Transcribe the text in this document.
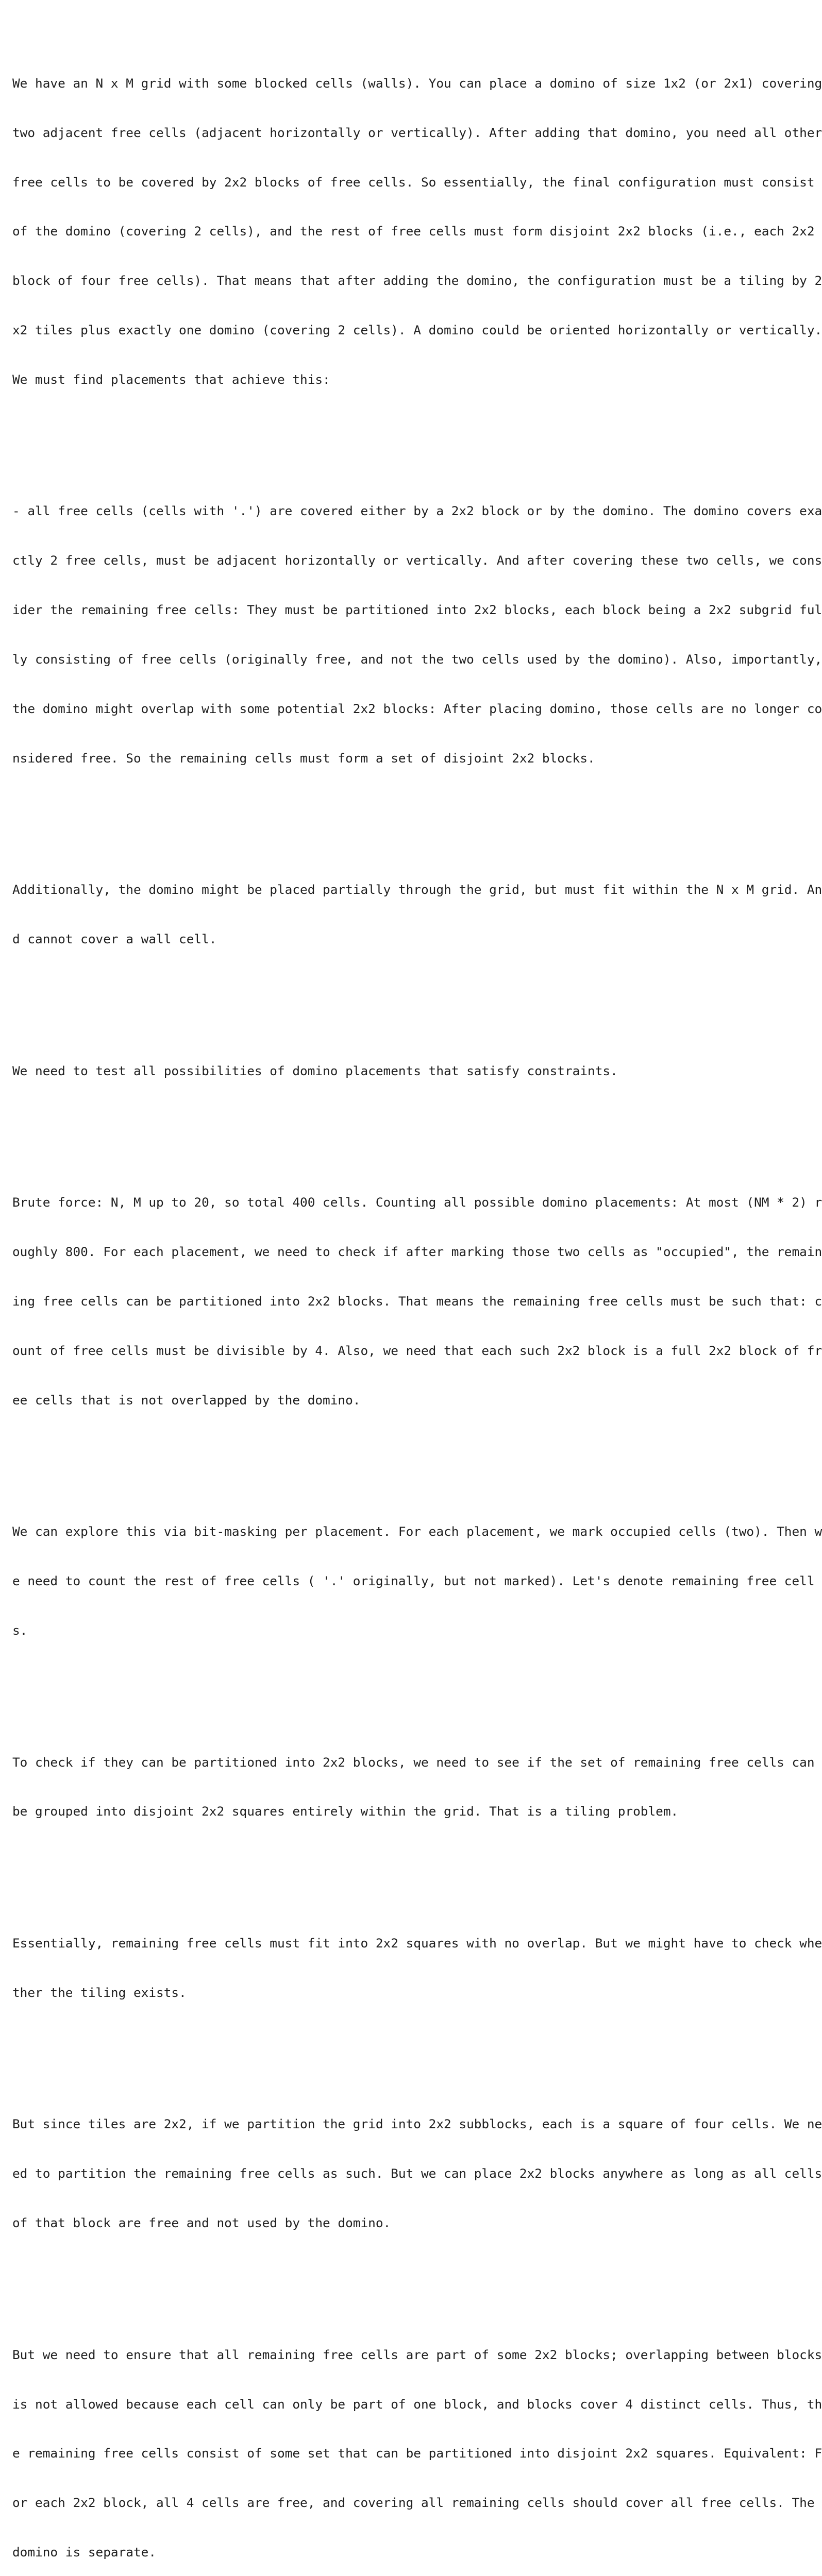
We have an N x M grid with some blocked cells (walls). You can place a domino of size 1x2 (or 2x1) covering

two adjacent free cells (adjacent horizontally or vertically). After adding that domino, you need all other

free cells to be covered by 2x2 blocks of free cells. So essentially, the final configuration must consist

of the domino (covering 2 cells), and the rest of free cells must form disjoint 2x2 blocks (i.e., each 2x2

block of four free cells). That means that after adding the domino, the configuration must be a tiling by 2

x2 tiles plus exactly one domino (covering 2 cells). A domino could be oriented horizontally or vertically.

We must find placements that achieve this:

- all free cells (cells with '.') are covered either by a 2x2 block or by the domino. The domino covers exa

ctly 2 free cells, must be adjacent horizontally or vertically. And after covering these two cells, we cons

ider the remaining free cells: They must be partitioned into 2x2 blocks, each block being a 2x2 subgrid ful

ly consisting of free cells (originally free, and not the two cells used by the domino). Also, importantly,

the domino might overlap with some potential 2x2 blocks: After placing domino, those cells are no longer co

nsidered free. So the remaining cells must form a set of disjoint 2x2 blocks.

Additionally, the domino might be placed partially through the grid, but must fit within the N x M grid. An

d cannot cover a wall cell.

We need to test all possibilities of domino placements that satisfy constraints.

Brute force: N, M up to 20, so total 400 cells. Counting all possible domino placements: At most (NM * 2) r

oughly 800. For each placement, we need to check if after marking those two cells as "occupied", the remain

ing free cells can be partitioned into 2x2 blocks. That means the remaining free cells must be such that: c

ount of free cells must be divisible by 4. Also, we need that each such 2x2 block is a full 2x2 block of fr

ee cells that is not overlapped by the domino.

We can explore this via bit-masking per placement. For each placement, we mark occupied cells (two). Then w

e need to count the rest of free cells ( '.' originally, but not marked). Let's denote remaining free cell

s.

To check if they can be partitioned into 2x2 blocks, we need to see if the set of remaining free cells can

be grouped into disjoint 2x2 squares entirely within the grid. That is a tiling problem.

Essentially, remaining free cells must fit into 2x2 squares with no overlap. But we might have to check whe

ther the tiling exists.

But since tiles are 2x2, if we partition the grid into 2x2 subblocks, each is a square of four cells. We ne

ed to partition the remaining free cells as such. But we can place 2x2 blocks anywhere as long as all cells

of that block are free and not used by the domino.

But we need to ensure that all remaining free cells are part of some 2x2 blocks; overlapping between blocks

is not allowed because each cell can only be part of one block, and blocks cover 4 distinct cells. Thus, th

e remaining free cells consist of some set that can be partitioned into disjoint 2x2 squares. Equivalent: F

or each 2x2 block, all 4 cells are free, and covering all remaining cells should cover all free cells. The

domino is separate.
